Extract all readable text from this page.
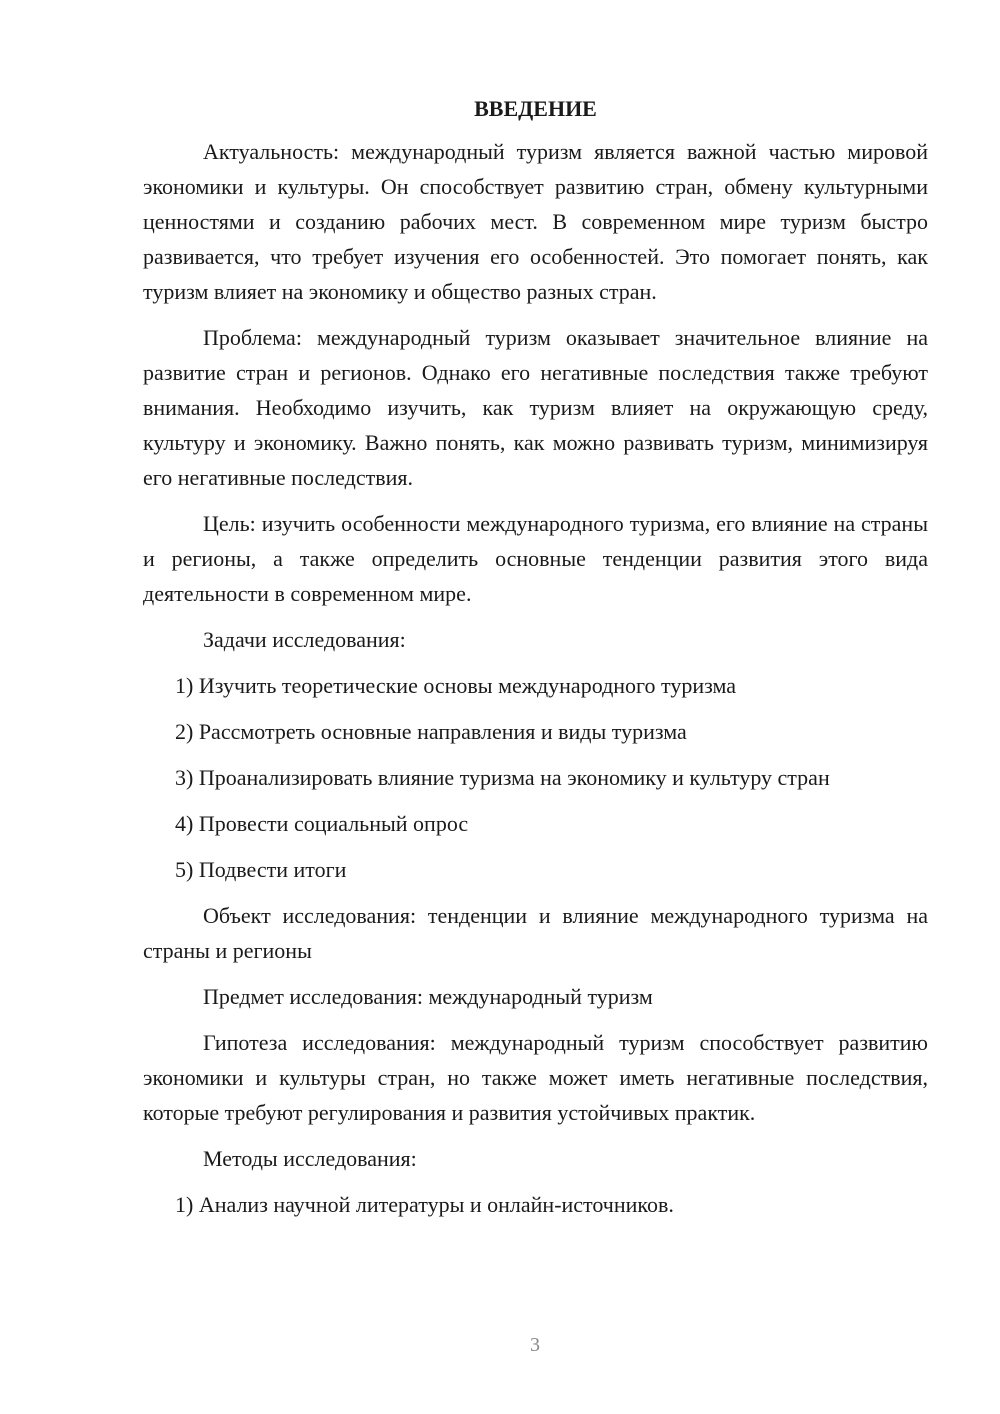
ВВЕДЕНИЕ

Актуальность: международный туризм является важной частью мировой экономики и культуры. Он способствует развитию стран, обмену культурными ценностями и созданию рабочих мест. В современном мире туризм быстро развивается, что требует изучения его особенностей. Это помогает понять, как туризм влияет на экономику и общество разных стран.

Проблема: международный туризм оказывает значительное влияние на развитие стран и регионов. Однако его негативные последствия также требуют внимания. Необходимо изучить, как туризм влияет на окружающую среду, культуру и экономику. Важно понять, как можно развивать туризм, минимизируя его негативные последствия.

Цель: изучить особенности международного туризма, его влияние на страны и регионы, а также определить основные тенденции развития этого вида деятельности в современном мире.

Задачи исследования:

1) Изучить теоретические основы международного туризма
2) Рассмотреть основные направления и виды туризма
3) Проанализировать влияние туризма на экономику и культуру стран
4) Провести социальный опрос
5) Подвести итоги

Объект исследования: тенденции и влияние международного туризма на страны и регионы

Предмет исследования: международный туризм

Гипотеза исследования: международный туризм способствует развитию экономики и культуры стран, но также может иметь негативные последствия, которые требуют регулирования и развития устойчивых практик.

Методы исследования:

1) Анализ научной литературы и онлайн-источников.
3
